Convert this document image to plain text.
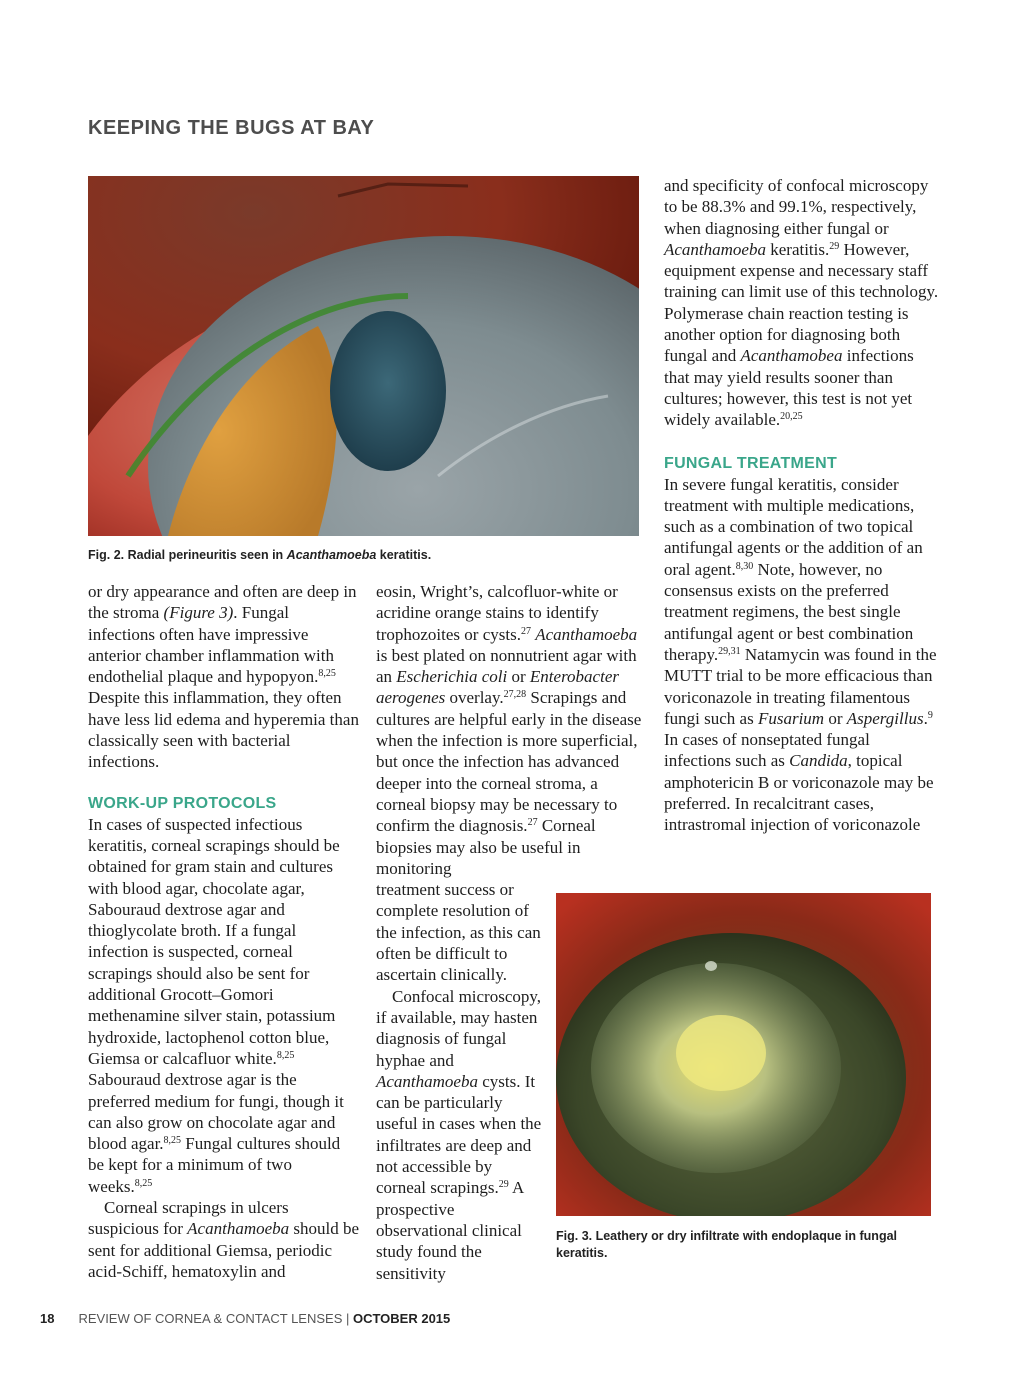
KEEPING THE BUGS AT BAY

Fig. 2. Radial perineuritis seen in Acanthamoeba keratitis.

Fig. 3. Leathery or dry infiltrate with endoplaque in fungal keratitis.

or dry appearance and often are deep in the stroma (Figure 3). Fungal infections often have impressive anterior chamber inflammation with endothelial plaque and hypopyon.$^{8,25}$ Despite this inflammation, they often have less lid edema and hyperemia than classically seen with bacterial infections.

WORK-UP PROTOCOLS

In cases of suspected infectious keratitis, corneal scrapings should be obtained for gram stain and cultures with blood agar, chocolate agar, Sabouraud dextrose agar and thioglycolate broth. If a fungal infection is suspected, corneal scrapings should also be sent for additional Grocott–Gomori methenamine silver stain, potassium hydroxide, lactophenol cotton blue, Giemsa or calcafluor white.$^{8,25}$ Sabouraud dextrose agar is the preferred medium for fungi, though it can also grow on chocolate agar and blood agar.$^{8,25}$ Fungal cultures should be kept for a minimum of two weeks.$^{8,25}$

Corneal scrapings in ulcers suspicious for Acanthamoeba should be sent for additional Giemsa, periodic acid-Schiff, hematoxylin and

eosin, Wright’s, calcofluor-white or acridine orange stains to identify trophozoites or cysts.$^{27}$ Acanthamoeba is best plated on nonnutrient agar with an Escherichia coli or Enterobacter aerogenes overlay.$^{27,28}$ Scrapings and cultures are helpful early in the disease when the infection is more superficial, but once the infection has advanced deeper into the corneal stroma, a corneal biopsy may be necessary to confirm the diagnosis.$^{27}$ Corneal biopsies may also be useful in monitoring

treatment success or complete resolution of the infection, as this can often be difficult to ascertain clinically.

Confocal microscopy, if available, may hasten diagnosis of fungal hyphae and Acanthamoeba cysts. It can be particularly useful in cases when the infiltrates are deep and not accessible by corneal scrapings.$^{29}$ A prospective observational clinical study found the sensitivity

and specificity of confocal microscopy to be 88.3% and 99.1%, respectively, when diagnosing either fungal or Acanthamoeba keratitis.$^{29}$ However, equipment expense and necessary staff training can limit use of this technology. Polymerase chain reaction testing is another option for diagnosing both fungal and Acanthamobea infections that may yield results sooner than cultures; however, this test is not yet widely available.$^{20,25}$

FUNGAL TREATMENT

In severe fungal keratitis, consider treatment with multiple medications, such as a combination of two topical antifungal agents or the addition of an oral agent.$^{8,30}$ Note, however, no consensus exists on the preferred treatment regimens, the best single antifungal agent or best combination therapy.$^{29,31}$ Natamycin was found in the MUTT trial to be more efficacious than voriconazole in treating filamentous fungi such as Fusarium or Aspergillus.$^9$ In cases of nonseptated fungal infections such as Candida, topical amphotericin B or voriconazole may be preferred. In recalcitrant cases, intrastromal injection of voriconazole

18 REVIEW OF CORNEA & CONTACT LENSES | OCTOBER 2015
